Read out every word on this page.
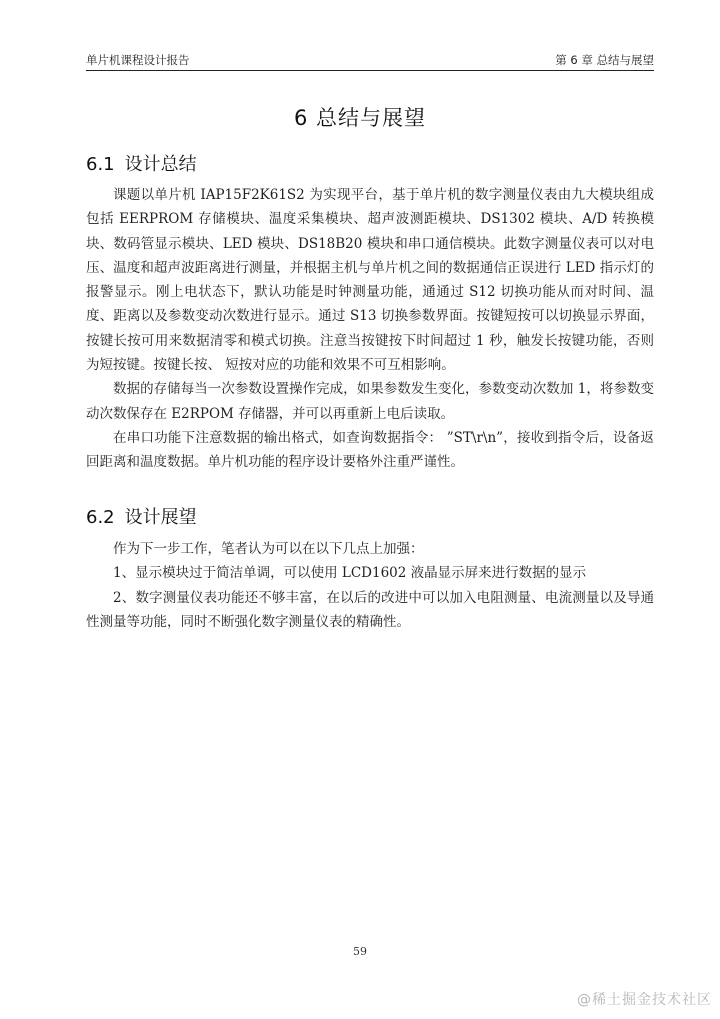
单片机课程设计报告	第 6 章 总结与展望
6 总结与展望
6.1 设计总结

课题以单片机 IAP15F2K61S2 为实现平台，基于单片机的数字测量仪表由九大模块组成包括 EERPROM 存储模块、温度采集模块、超声波测距模块、DS1302 模块、A/D 转换模块、数码管显示模块、LED 模块、DS18B20 模块和串口通信模块。此数字测量仪表可以对电压、温度和超声波距离进行测量，并根据主机与单片机之间的数据通信正误进行 LED 指示灯的报警显示。刚上电状态下，默认功能是时钟测量功能，通通过 S12 切换功能从而对时间、温度、距离以及参数变动次数进行显示。通过 S13 切换参数界面。按键短按可以切换显示界面，按键长按可用来数据清零和模式切换。注意当按键按下时间超过 1 秒，触发长按键功能，否则为短按键。按键长按、 短按对应的功能和效果不可互相影响。

数据的存储每当一次参数设置操作完成，如果参数发生变化，参数变动次数加 1，将参数变动次数保存在 E2RPOM 存储器，并可以再重新上电后读取。

在串口功能下注意数据的输出格式，如查询数据指令： ”ST\r\n”，接收到指令后，设备返回距离和温度数据。单片机功能的程序设计要格外注重严谨性。

6.2 设计展望

作为下一步工作，笔者认为可以在以下几点上加强：

1、显示模块过于简洁单调，可以使用 LCD1602 液晶显示屏来进行数据的显示

2、数字测量仪表功能还不够丰富，在以后的改进中可以加入电阻测量、电流测量以及导通性测量等功能，同时不断强化数字测量仪表的精确性。

59
@稀土掘金技术社区
